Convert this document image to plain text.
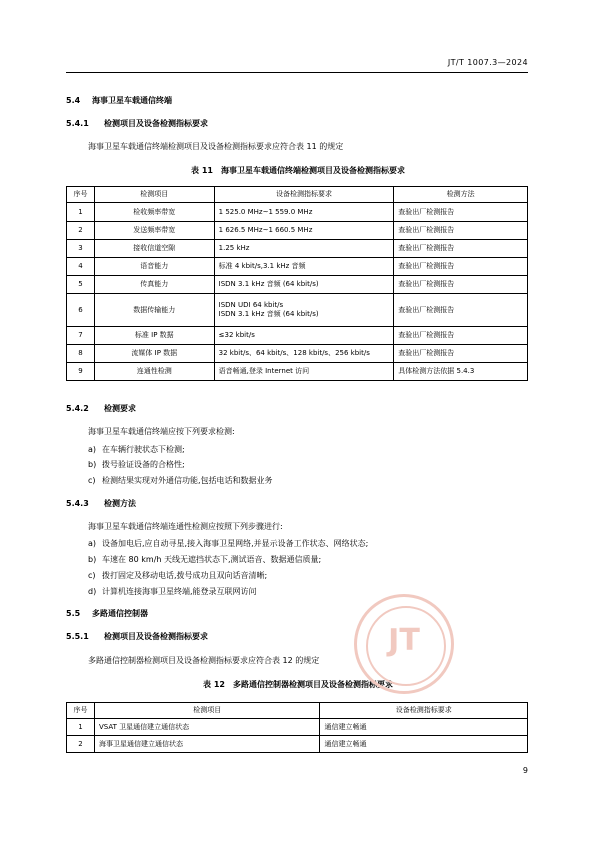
JT/T 1007.3—2024
5.4 海事卫星车载通信终端
5.4.1 检测项目及设备检测指标要求
海事卫星车载通信终端检测项目及设备检测指标要求应符合表 11 的规定
表 11　海事卫星车载通信终端检测项目及设备检测指标要求
序号	检测项目	设备检测指标要求	检测方法
1	检收频率带宽	1 525.0 MHz~1 559.0 MHz	查验出厂检测报告
2	发送频率带宽	1 626.5 MHz~1 660.5 MHz	查验出厂检测报告
3	接收信道空隙	1.25 kHz	查验出厂检测报告
4	语音能力	标准 4 kbit/s,3.1 kHz 音频	查验出厂检测报告
5	传真能力	ISDN 3.1 kHz 音频 (64 kbit/s)	查验出厂检测报告
6	数据传输能力	ISDN UDI 64 kbit/s
ISDN 3.1 kHz 音频 (64 kbit/s)	查验出厂检测报告
7	标准 IP 数据	≤32 kbit/s	查验出厂检测报告
8	流媒体 IP 数据	32 kbit/s、64 kbit/s、128 kbit/s、256 kbit/s	查验出厂检测报告
9	连通性检测	语音畅通,登录 Internet 访问	具体检测方法依据 5.4.3
5.4.2 检测要求
海事卫星车载通信终端应按下列要求检测:
a) 在车辆行驶状态下检测;
b) 拨号验证设备的合格性;
c) 检测结果实现对外通信功能,包括电话和数据业务
5.4.3 检测方法
海事卫星车载通信终端连通性检测应按照下列步骤进行:
a) 设备加电后,应自动寻星,接入海事卫星网络,并显示设备工作状态、网络状态;
b) 车速在 80 km/h 天线无遮挡状态下,测试语音、数据通信质量;
c) 拨打固定及移动电话,拨号成功且双向话音清晰;
d) 计算机连接海事卫星终端,能登录互联网访问
5.5 多路通信控制器
5.5.1 检测项目及设备检测指标要求
多路通信控制器检测项目及设备检测指标要求应符合表 12 的规定
表 12　多路通信控制器检测项目及设备检测指标要求
序号	检测项目	设备检测指标要求
1	VSAT 卫星通信建立通信状态	通信建立畅通
2	海事卫星通信建立通信状态	通信建立畅通
JT
9
